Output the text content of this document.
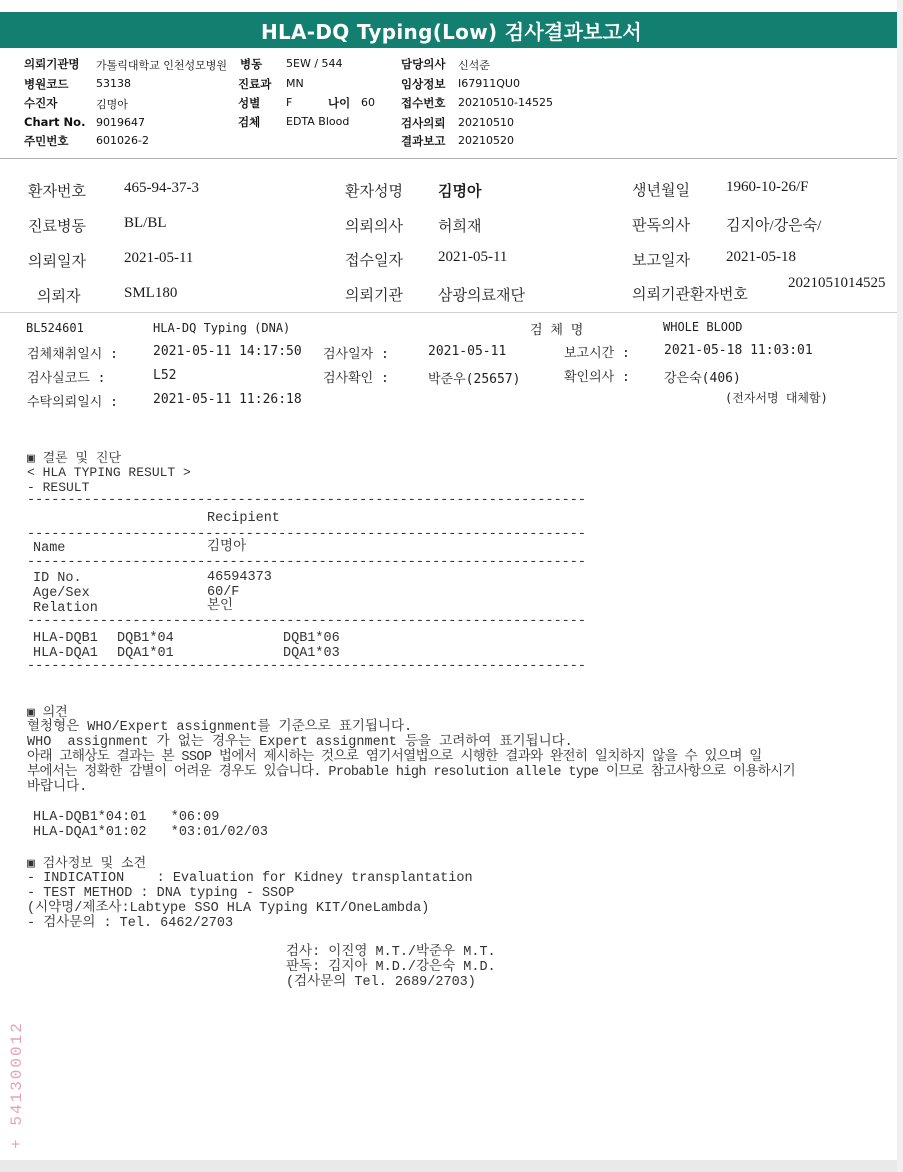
HLA-DQ Typing(Low) 검사결과보고서
의뢰기관명 가톨릭대학교 인천성모병원 병동 5EW / 544	담당의사 신석준
병원코드	53138	진료과 MN	임상정보 I67911QU0
수진자	김명아	성별 F	나이 60 접수번호 20210510-14525
Chart No. 9019647	검체 EDTA Blood	검사의뢰 20210510
주민번호	601026-2	결과보고 20210520
환자번호	465-94-37-3	환자성명 김명아	생년월일 1960-10-26/F
진료병동	BL/BL	의뢰의사 허희재	판독의사 김지아/강은숙/
의뢰일자	2021-05-11	접수일자 2021-05-11	보고일자 2021-05-18
의뢰자	SML180	의뢰기관 삼광의료재단	의뢰기관환자번호
2021051014525
BL524601	HLA-DQ Typing (DNA)	검 체 명	WHOLE BLOOD
검체채취일시 :	2021-05-11 14:17:50 검사일자 :	2021-05-11	보고시간 :	2021-05-18 11:03:01
검사실코드 :	L52	검사확인 :	박준우(25657)	확인의사 :	강은숙(406)
수탁의뢰일시 :	2021-05-11 11:26:18	(전자서명 대체함)
▣ 결론 및 진단
< HLA TYPING RESULT >
- RESULT
---------------------------------------------------------------------
Recipient
---------------------------------------------------------------------
Name	김명아
---------------------------------------------------------------------
ID No.	46594373
Age/Sex	60/F
Relation	본인
---------------------------------------------------------------------
HLA-DQB1 DQB1*04	DQB1*06
HLA-DQA1 DQA1*01	DQA1*03
---------------------------------------------------------------------
▣ 의견
혈청형은 WHO/Expert assignment를 기준으로 표기됩니다.
WHO  assignment 가 없는 경우는 Expert assignment 등을 고려하여 표기됩니다.
아래 고해상도 결과는 본 SSOP 법에서 제시하는 것으로 염기서열법으로 시행한 결과와 완전히 일치하지 않을 수 있으며 일
부에서는 정확한 감별이 어려운 경우도 있습니다. Probable high resolution allele type 이므로 참고사항으로 이용하시기
바랍니다.
HLA-DQB1*04:01   *06:09
HLA-DQA1*01:02   *03:01/02/03
▣ 검사정보 및 소견
- INDICATION    : Evaluation for Kidney transplantation
- TEST METHOD : DNA typing - SSOP
(시약명/제조사:Labtype SSO HLA Typing KIT/OneLambda)
- 검사문의 : Tel. 6462/2703
검사: 이진영 M.T./박준우 M.T.
판독: 김지아 M.D./강은숙 M.D.
(검사문의 Tel. 2689/2703)
+ 541300012
